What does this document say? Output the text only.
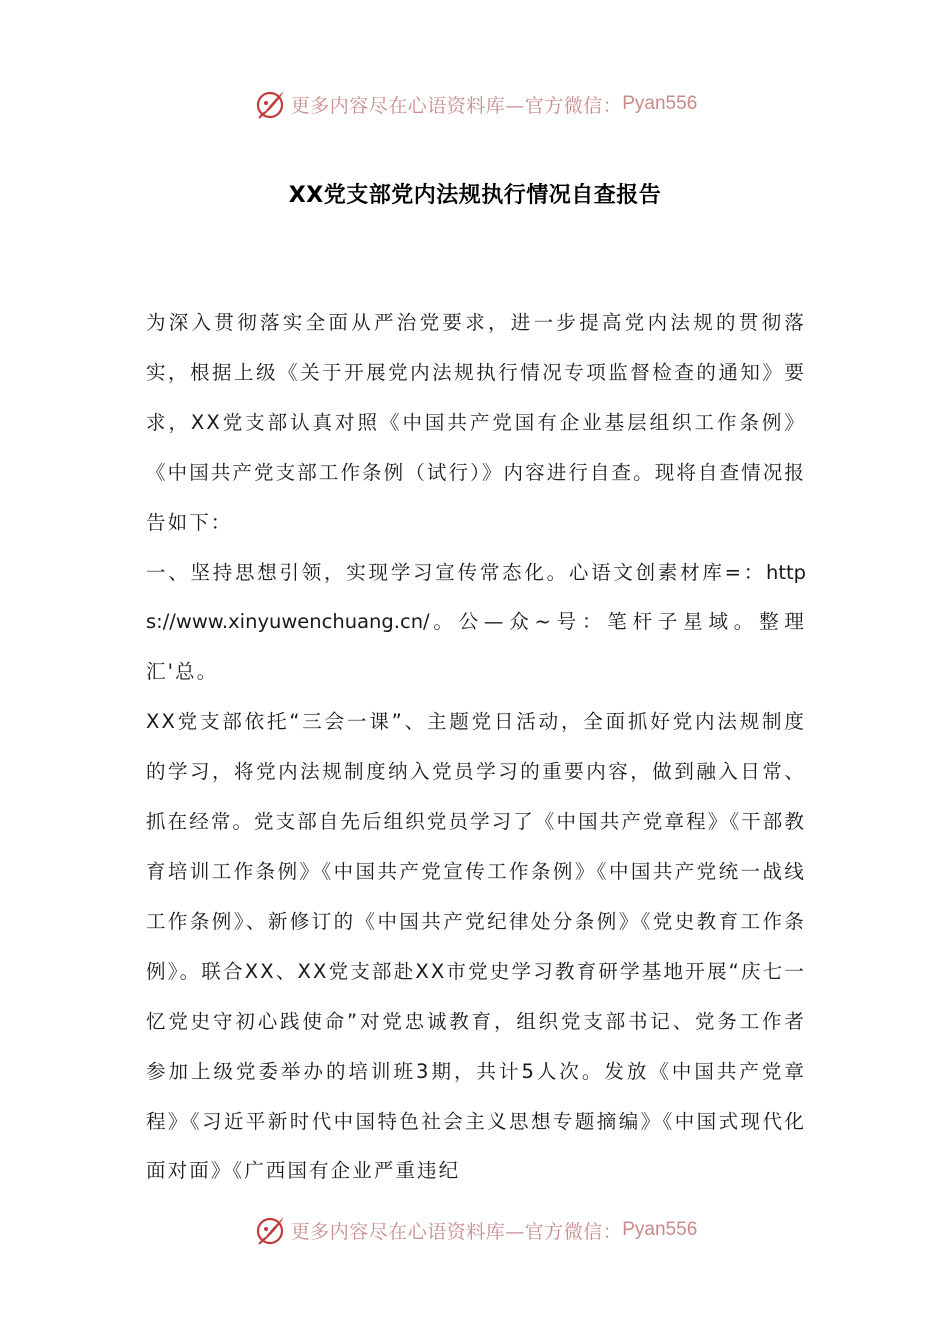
更多内容尽在心语资料库—官方微信： Pyan556
XX党支部党内法规执行情况自查报告

为深入贯彻落实全面从严治党要求，进一步提高党内法规的贯彻落实，根据上级《关于开展党内法规执行情况专项监督检查的通知》要求，XX党支部认真对照《中国共产党国有企业基层组织工作条例》《中国共产党支部工作条例（试行）》内容进行自查。现将自查情况报告如下：

一、坚持思想引领，实现学习宣传常态化。心语文创素材库=：https://www.xinyuwenchuang.cn/。公—众~号：笔杆子星域。整理汇'总。

XX党支部依托“三会一课”、主题党日活动，全面抓好党内法规制度的学习，将党内法规制度纳入党员学习的重要内容，做到融入日常、抓在经常。党支部自先后组织党员学习了《中国共产党章程》《干部教育培训工作条例》《中国共产党宣传工作条例》《中国共产党统一战线工作条例》、新修订的《中国共产党纪律处分条例》《党史教育工作条例》。联合XX、XX党支部赴XX市党史学习教育研学基地开展“庆七一忆党史守初心践使命”对党忠诚教育，组织党支部书记、党务工作者参加上级党委举办的培训班3期，共计5人次。发放《中国共产党章程》《习近平新时代中国特色社会主义思想专题摘编》《中国式现代化面对面》《广西国有企业严重违纪

更多内容尽在心语资料库—官方微信： Pyan556
